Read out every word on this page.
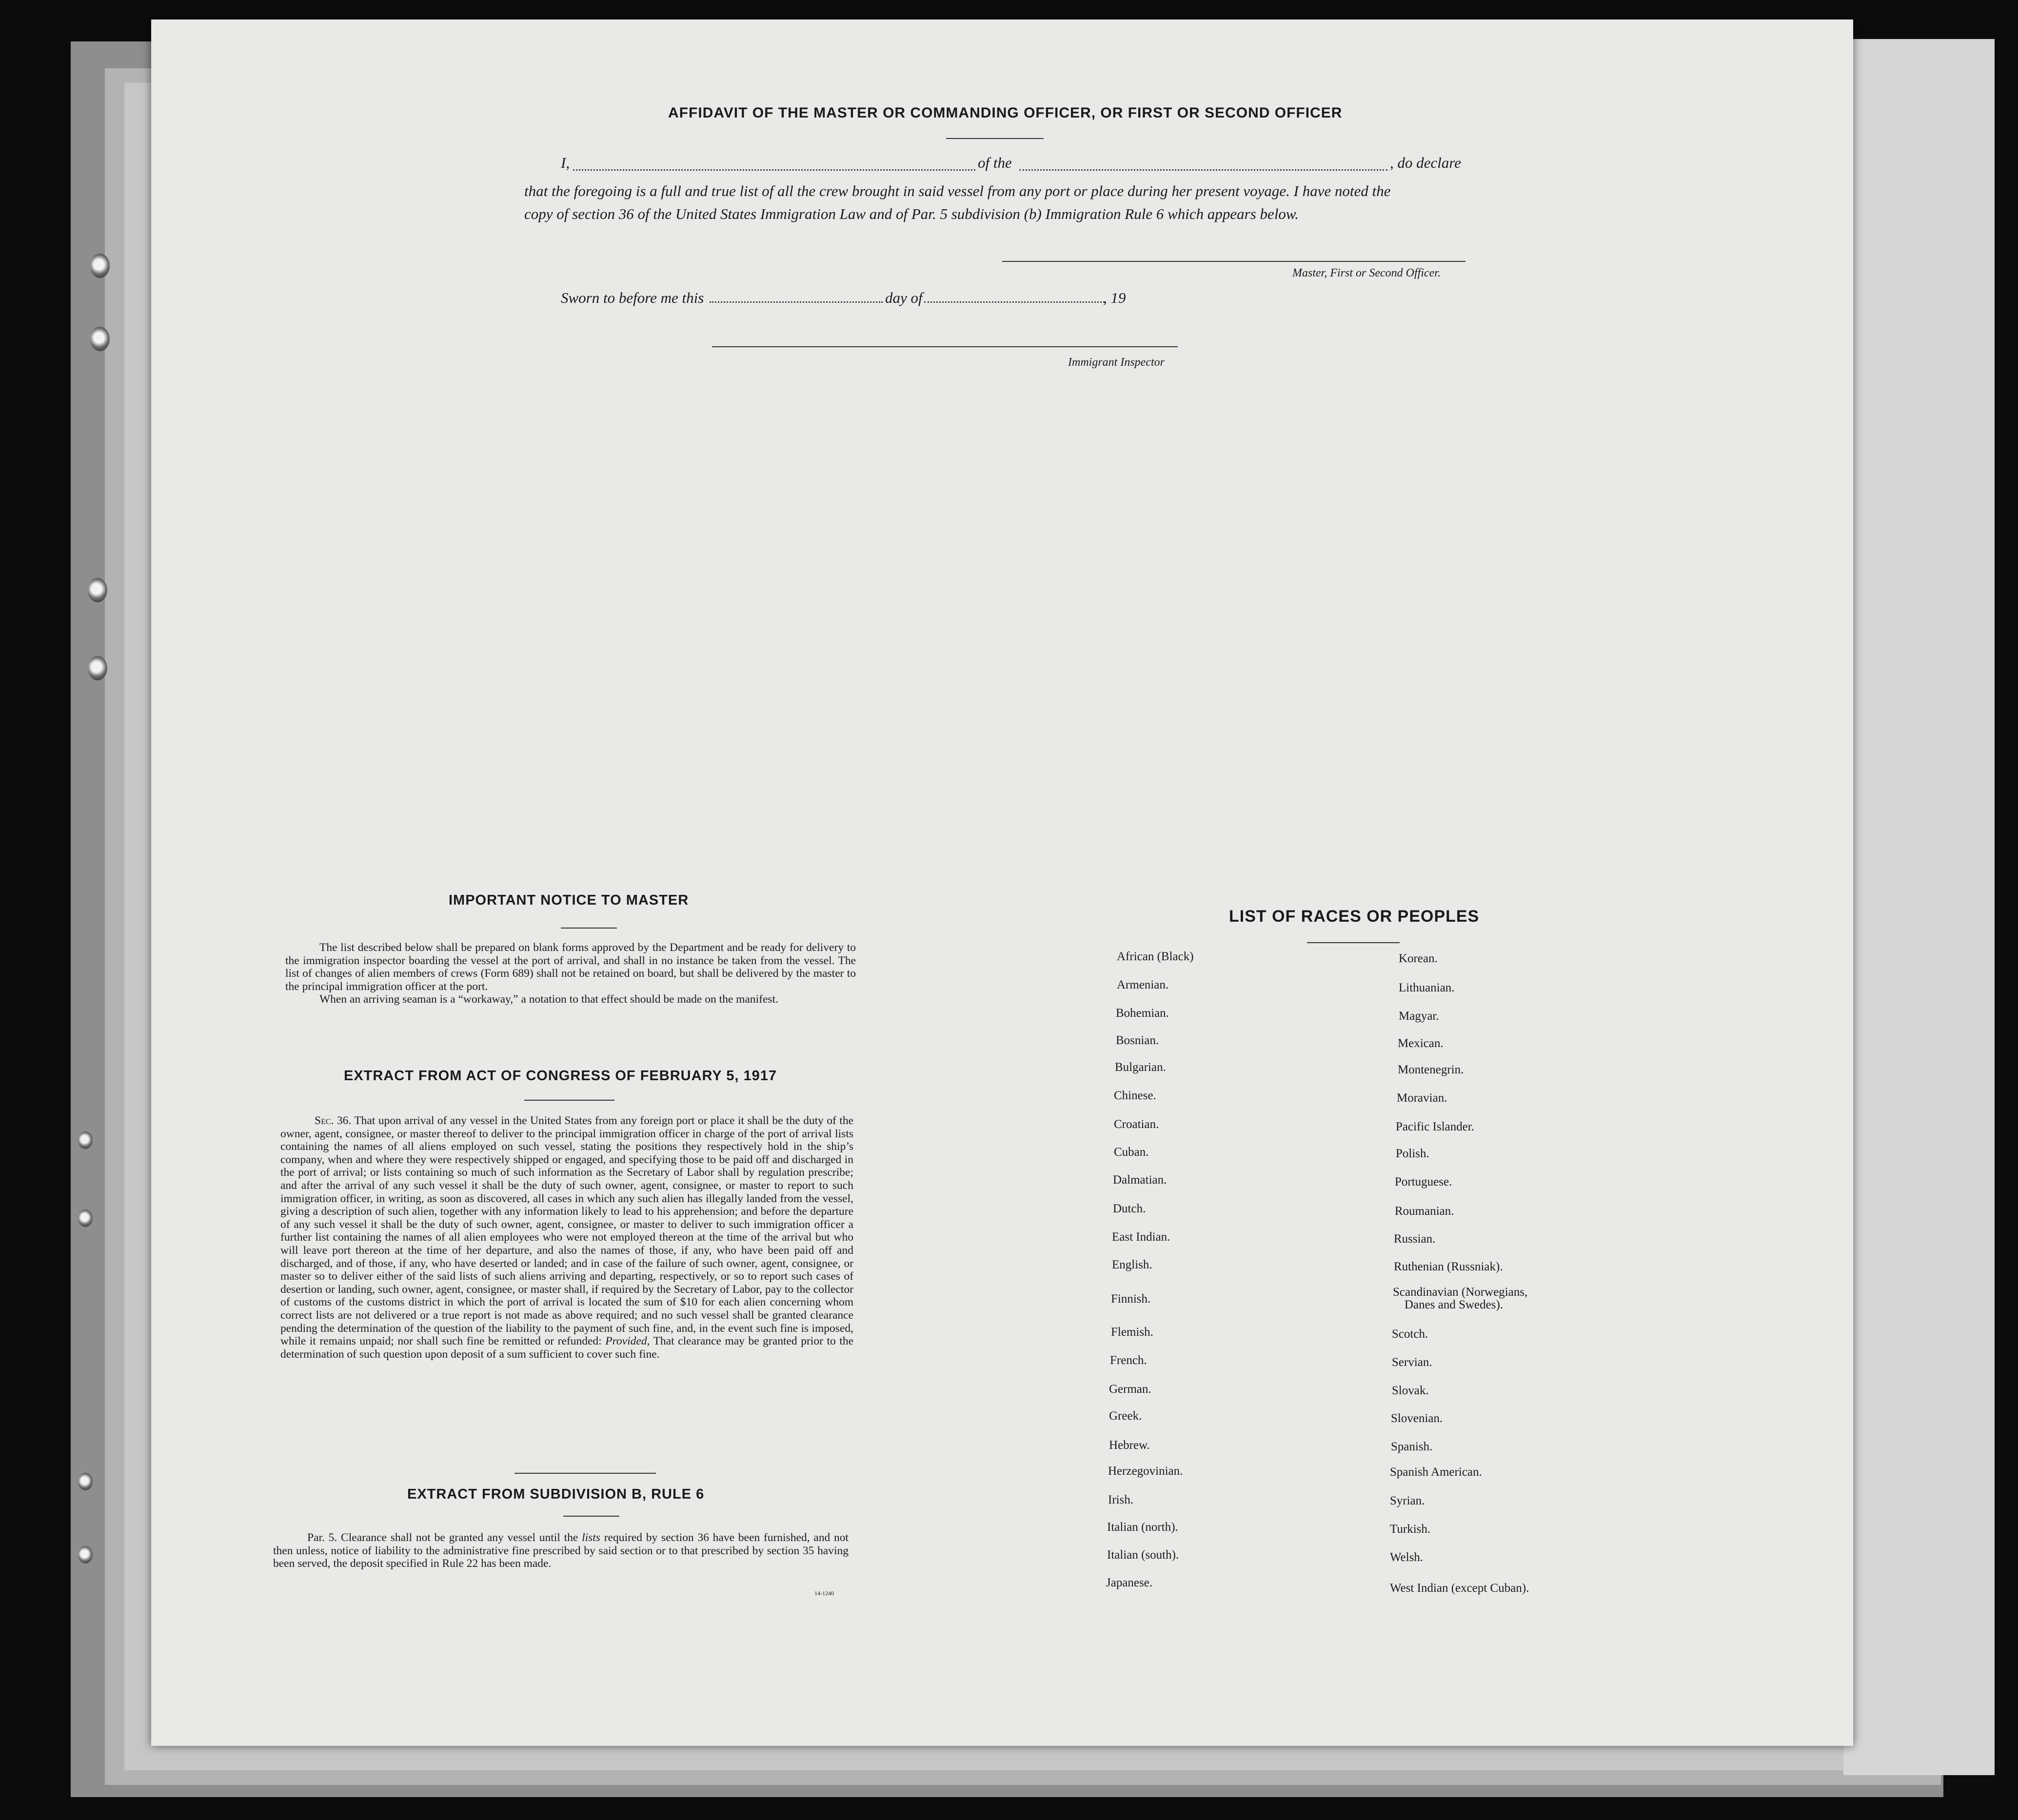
AFFIDAVIT OF THE MASTER OR COMMANDING OFFICER, OR FIRST OR SECOND OFFICER
I,	of the	, do declare
that the foregoing is a full and true list of all the crew brought in said vessel from any port or place during her present voyage. I have noted the
copy of section 36 of the United States Immigration Law and of Par. 5 subdivision (b) Immigration Rule 6 which appears below.
Master, First or Second Officer.
Sworn to before me this	day of	, 19
Immigrant Inspector
IMPORTANT NOTICE TO MASTER

The list described below shall be prepared on blank forms approved by the Department and be ready for delivery to the immigration inspector boarding the vessel at the port of arrival, and shall in no instance be taken from the vessel. The list of changes of alien members of crews (Form 689) shall not be retained on board, but shall be delivered by the master to the principal immigration officer at the port.

When an arriving seaman is a “workaway,” a notation to that effect should be made on the manifest.

EXTRACT FROM ACT OF CONGRESS OF FEBRUARY 5, 1917

Sec. 36. That upon arrival of any vessel in the United States from any foreign port or place it shall be the duty of the owner, agent, consignee, or master thereof to deliver to the principal immigration officer in charge of the port of arrival lists containing the names of all aliens employed on such vessel, stating the positions they respectively hold in the ship’s company, when and where they were respectively shipped or engaged, and specifying those to be paid off and discharged in the port of arrival; or lists containing so much of such information as the Secretary of Labor shall by regulation prescribe; and after the arrival of any such vessel it shall be the duty of such owner, agent, consignee, or master to report to such immigration officer, in writing, as soon as discovered, all cases in which any such alien has illegally landed from the vessel, giving a description of such alien, together with any information likely to lead to his apprehension; and before the departure of any such vessel it shall be the duty of such owner, agent, consignee, or master to deliver to such immigration officer a further list containing the names of all alien employees who were not employed thereon at the time of the arrival but who will leave port thereon at the time of her departure, and also the names of those, if any, who have been paid off and discharged, and of those, if any, who have deserted or landed; and in case of the failure of such owner, agent, consignee, or master so to deliver either of the said lists of such aliens arriving and departing, respectively, or so to report such cases of desertion or landing, such owner, agent, consignee, or master shall, if required by the Secretary of Labor, pay to the collector of customs of the customs district in which the port of arrival is located the sum of $10 for each alien concerning whom correct lists are not delivered or a true report is not made as above required; and no such vessel shall be granted clearance pending the determination of the question of the liability to the payment of such fine, and, in the event such fine is imposed, while it remains unpaid; nor shall such fine be remitted or refunded: Provided, That clearance may be granted prior to the determination of such question upon deposit of a sum sufficient to cover such fine.

EXTRACT FROM SUBDIVISION B, RULE 6

Par. 5. Clearance shall not be granted any vessel until the lists required by section 36 have been furnished, and not then unless, notice of liability to the administrative fine prescribed by said section or to that prescribed by section 35 having been served, the deposit specified in Rule 22 has been made.

14-1240
LIST OF RACES OR PEOPLES
African (Black)
Armenian.
Bohemian.
Bosnian.
Bulgarian.
Chinese.
Croatian.
Cuban.
Dalmatian.
Dutch.
East Indian.
English.
Finnish.
Flemish.
French.
German.
Greek.
Hebrew.
Herzegovinian.
Irish.
Italian (north).
Italian (south).
Japanese.
Korean.
Lithuanian.
Magyar.
Mexican.
Montenegrin.
Moravian.
Pacific Islander.
Polish.
Portuguese.
Roumanian.
Russian.
Ruthenian (Russniak).
Scandinavian (Norwegians,
Danes and Swedes).
Scotch.
Servian.
Slovak.
Slovenian.
Spanish.
Spanish American.
Syrian.
Turkish.
Welsh.
West Indian (except Cuban).
